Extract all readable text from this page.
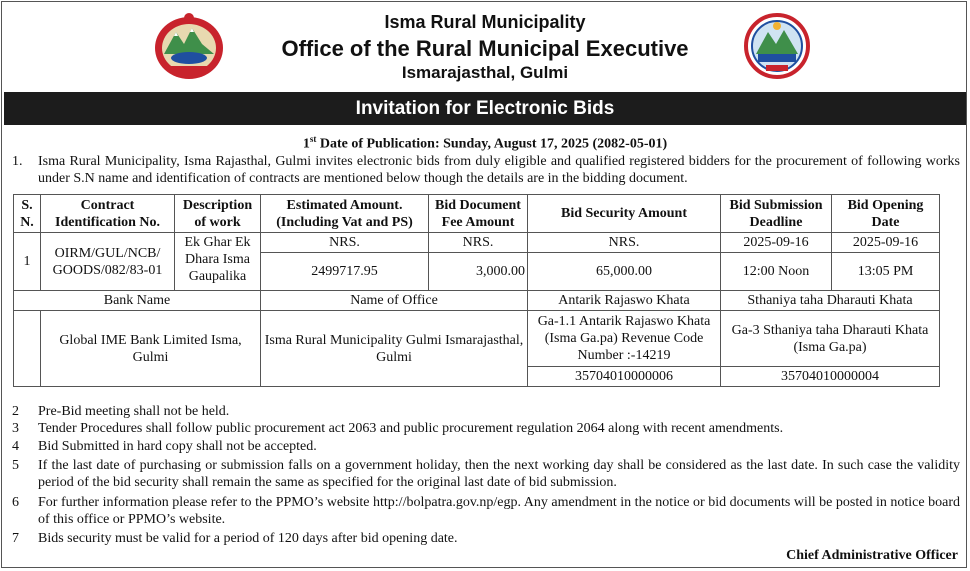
Isma Rural Municipality
Office of the Rural Municipal Executive
Ismarajasthal, Gulmi
Invitation for Electronic Bids
1st Date of Publication: Sunday, August 17, 2025 (2082-05-01)
1.	Isma Rural Municipality, Isma Rajasthal, Gulmi invites electronic bids from duly eligible and qualified registered bidders for the procurement of following works under S.N name and identification of contracts are mentioned below though the details are in the bidding document.
S. N.	Contract Identification No.	Description of work	Estimated Amount. (Including Vat and PS)	Bid Document Fee Amount	Bid Security Amount	Bid Submission Deadline	Bid Opening Date
1	OIRM/GUL/NCB/ GOODS/082/83-01	Ek Ghar Ek Dhara Isma Gaupalika	NRS.	NRS.	NRS.	2025-09-16	2025-09-16
			2499717.95	3,000.00	65,000.00	12:00 Noon	13:05 PM
Bank Name			Name of Office		Antarik Rajaswo Khata	Sthaniya taha Dharauti Khata	
	Global IME Bank Limited Isma, Gulmi		Isma Rural Municipality Gulmi Ismarajasthal, Gulmi		Ga-1.1 Antarik Rajaswo Khata (Isma Ga.pa) Revenue Code Number :-14219	Ga-3 Sthaniya taha Dharauti Khata (Isma Ga.pa)	
					35704010000006	35704010000004	
2	Pre-Bid meeting shall not be held.
3	Tender Procedures shall follow public procurement act 2063 and public procurement regulation 2064 along with recent amendments.
4	Bid Submitted in hard copy shall not be accepted.
5	If the last date of purchasing or submission falls on a government holiday, then the next working day shall be considered as the last date. In such case the validity period of the bid security shall remain the same as specified for the original last date of bid submission.
6	For further information please refer to the PPMO’s website http://bolpatra.gov.np/egp. Any amendment in the notice or bid documents will be posted in notice board of this office or PPMO’s website.
7	Bids security must be valid for a period of 120 days after bid opening date.
Chief Administrative Officer
